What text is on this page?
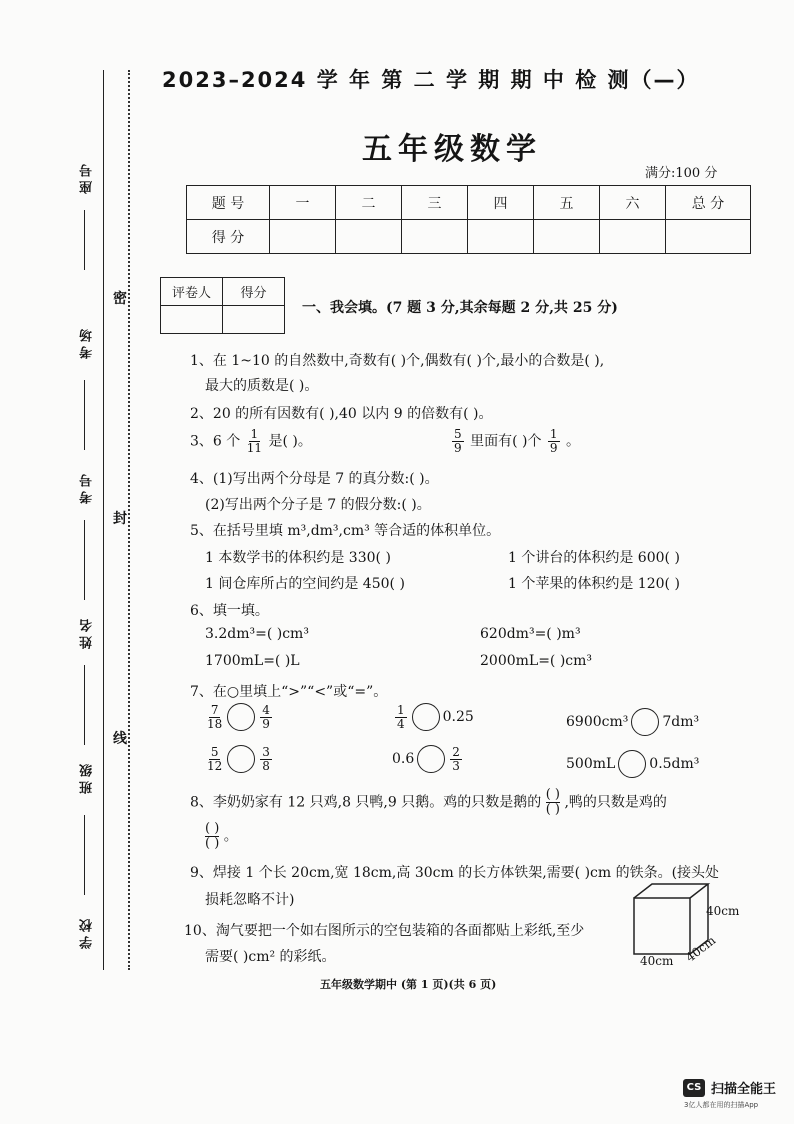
座号
考场
考号
姓名
班级
学校
密
封
线
2023–2024 学 年 第 二 学 期 期 中 检 测（—）
五年级数学
满分:100 分
题 号	一	二	三	四	五	六	总 分
得 分							
评卷人	得分

一、我会填。(7 题 3 分,其余每题 2 分,共 25 分)
1、在 1~10 的自然数中,奇数有( )个,偶数有( )个,最小的合数是( ),
最大的质数是( )。
2、20 的所有因数有( ),40 以内 9 的倍数有( )。
3、6 个 $\frac{1}{11}$ 是( )。	$\frac{5}{9}$ 里面有( )个 $\frac{1}{9}$ 。
4、(1)写出两个分母是 7 的真分数:( )。
(2)写出两个分子是 7 的假分数:( )。
5、在括号里填 m³,dm³,cm³ 等合适的体积单位。
1 本数学书的体积约是 330( )	1 个讲台的体积约是 600( )
1 间仓库所占的空间约是 450( )	1 个苹果的体积约是 120( )
6、填一填。
3.2dm³=( )cm³	620dm³=( )m³
1700mL=( )L	2000mL=( )cm³
7、在○里填上“>”“<”或“=”。
$\frac{7}{18}$	$\frac{4}{9}$	$\frac{1}{4}$	0.25	6900cm³ 7dm³
$\frac{5}{12}$	$\frac{3}{8}$	0.6	$\frac{2}{3}$	500mL 0.5dm³
8、李奶奶家有 12 只鸡,8 只鸭,9 只鹅。鸡的只数是鹅的 ( )
( ) ,鸭的只数是鸡的
( )
( ) 。
9、焊接 1 个长 20cm,宽 18cm,高 30cm 的长方体铁架,需要( )cm 的铁条。(接头处
损耗忽略不计)
10、淘气要把一个如右图所示的空包装箱的各面都贴上彩纸,至少
需要( )cm² 的彩纸。
40cm
40cm 40cm
五年级数学期中 (第 1 页)(共 6 页)
CS 扫描全能王
3亿人都在用的扫描App
